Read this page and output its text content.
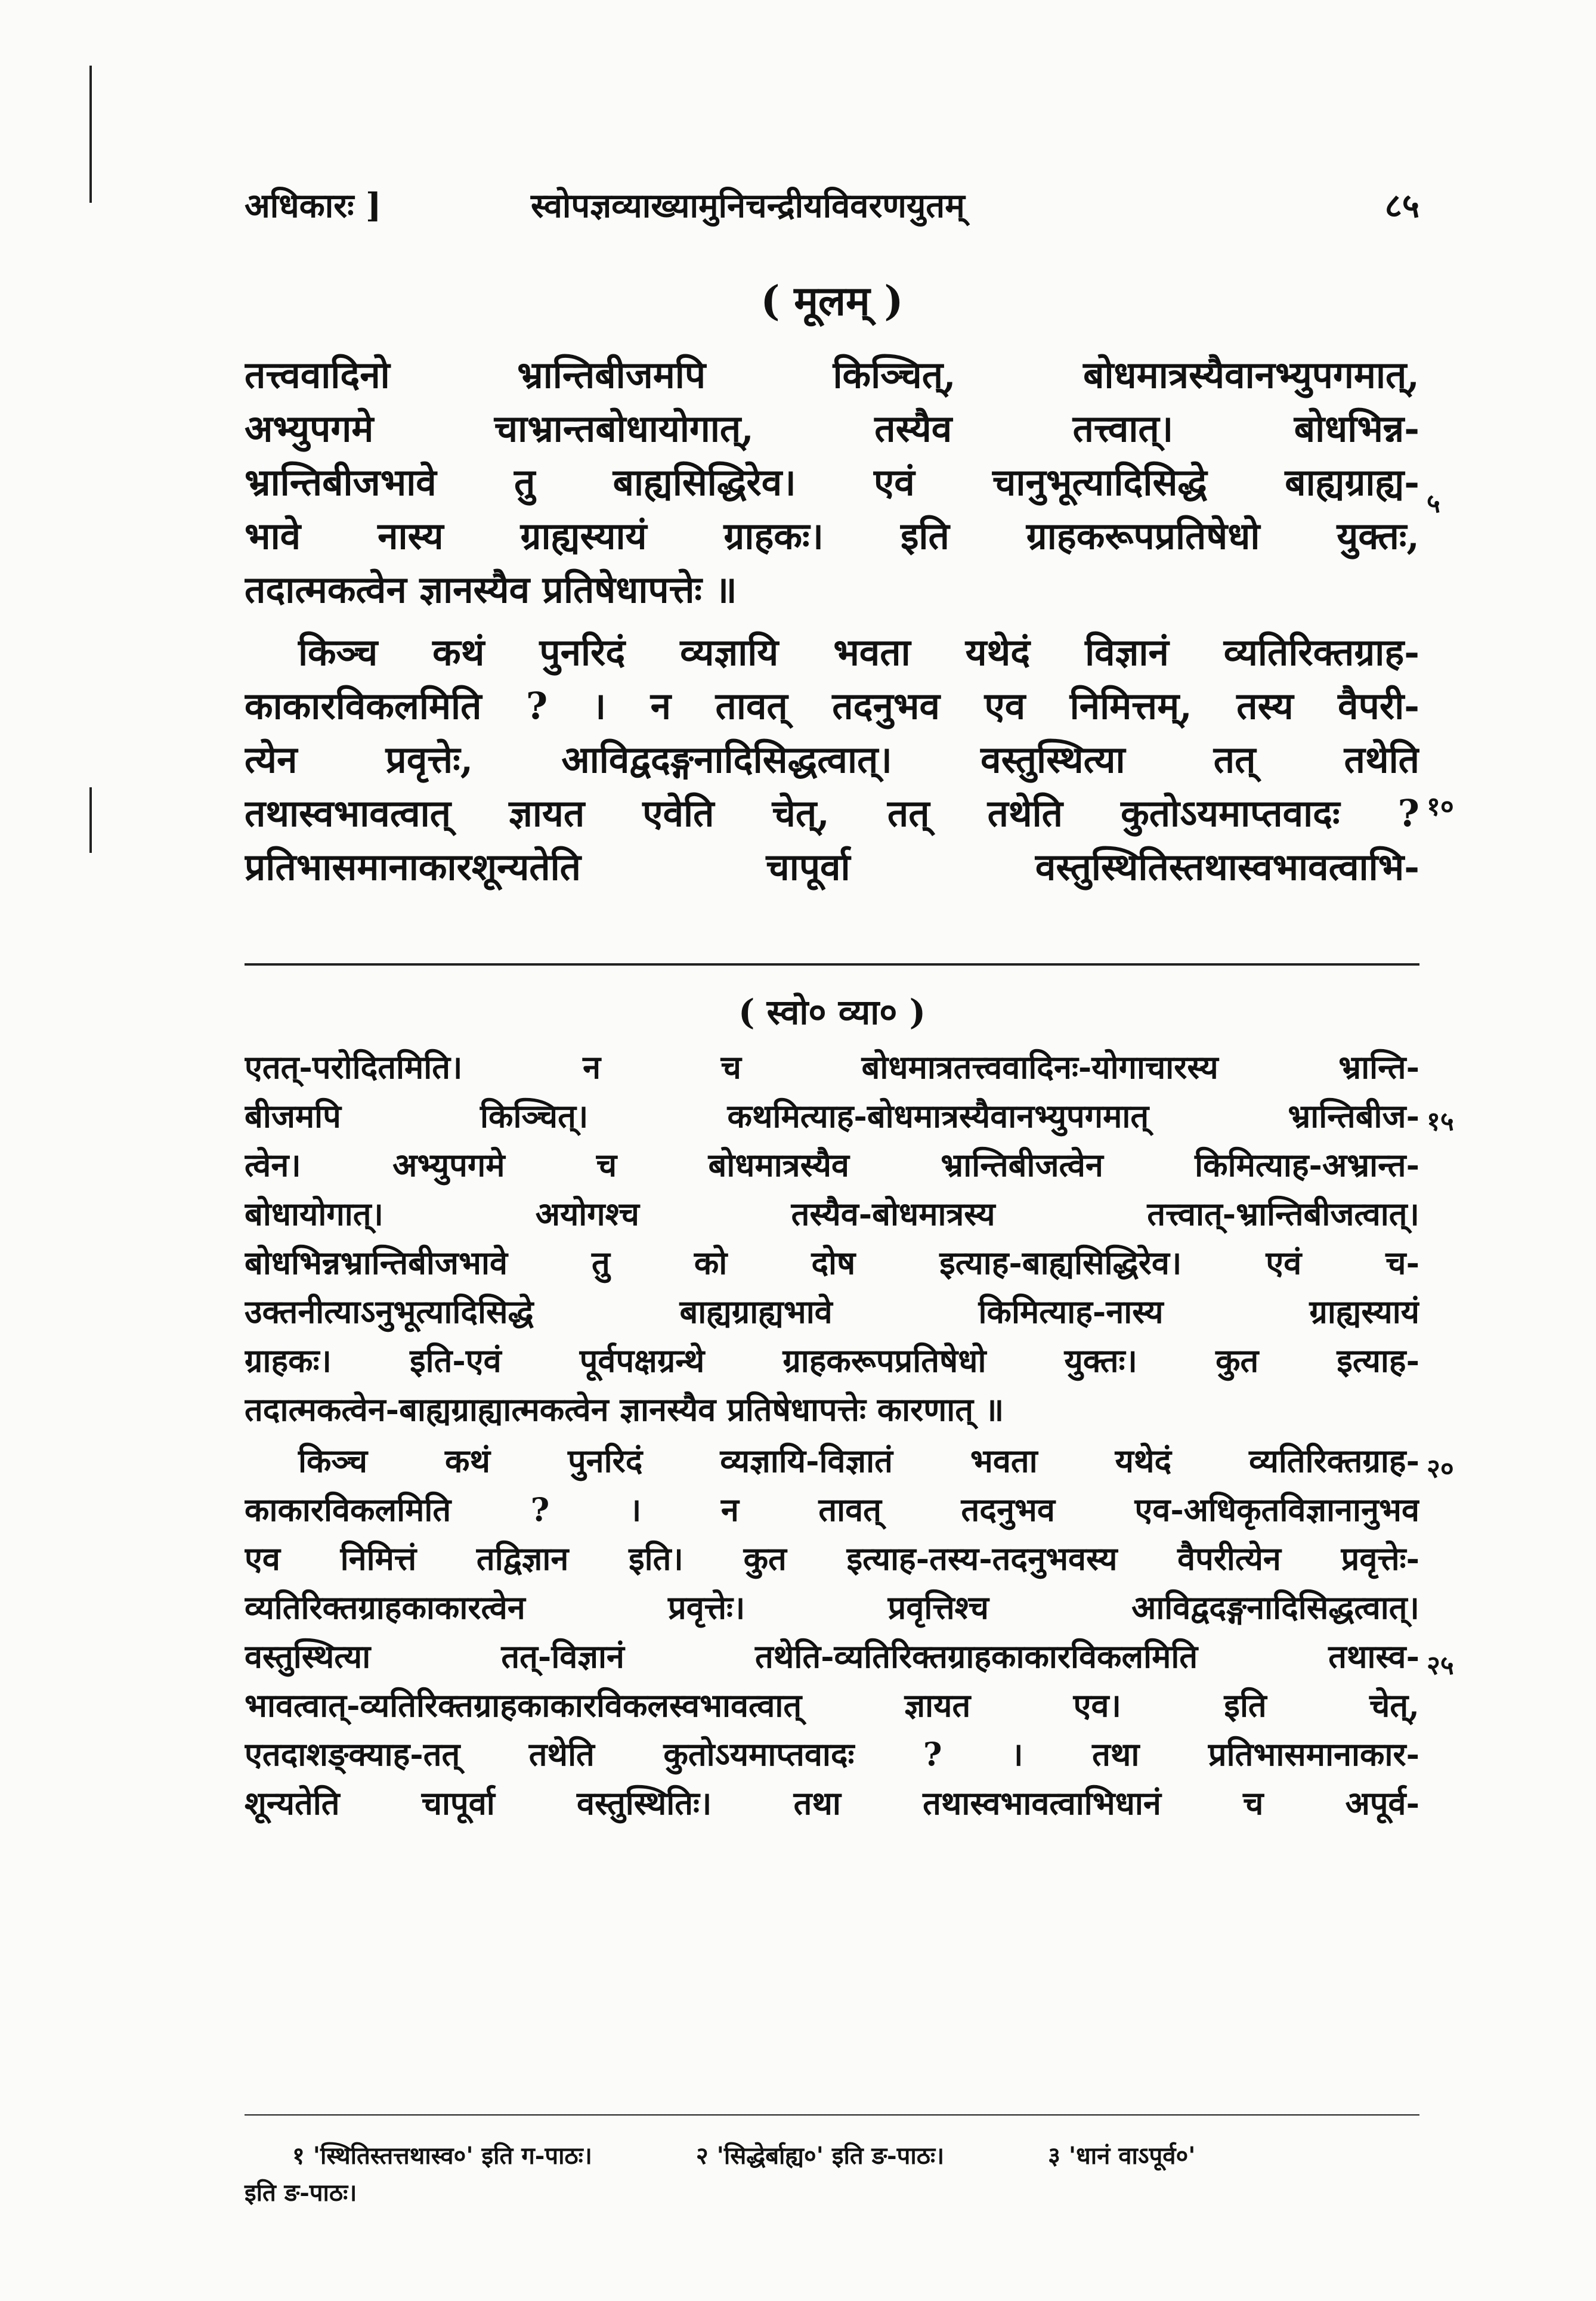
अधिकारः ]	स्वोपज्ञव्याख्यामुनिचन्द्रीयविवरणयुतम्	८५
( मूलम् )
तत्त्ववादिनो भ्रान्तिबीजमपि किञ्चित्, बोधमात्रस्यैवानभ्युपगमात्,
अभ्युपगमे चाभ्रान्तबोधायोगात्, तस्यैव तत्त्वात्। बोधभिन्न-
भ्रान्तिबीजभावे तु बाह्यसिद्धिरेव। एवं चानुभूत्यादिसिद्धे बाह्यग्राह्य-
भावे नास्य ग्राह्यस्यायं ग्राहकः। इति ग्राहकरूपप्रतिषेधो युक्तः,
तदात्मकत्वेन ज्ञानस्यैव प्रतिषेधापत्तेः ॥
किञ्च कथं पुनरिदं व्यज्ञायि भवता यथेदं विज्ञानं व्यतिरिक्तग्राह-
काकारविकलमिति ? । न तावत् तदनुभव एव निमित्तम्, तस्य वैपरी-
त्येन प्रवृत्तेः, आविद्वदङ्गनादिसिद्धत्वात्। वस्तुस्थित्या तत् तथेति
तथास्वभावत्वात् ज्ञायत एवेति चेत्, तत् तथेति कुतोऽयमाप्तवादः ?
प्रतिभासमानाकारशून्यतेति चापूर्वा वस्तुस्थितिस्तथास्वभावत्वाभि-
५
१०
( स्वो० व्या० )
एतत्-परोदितमिति। न च बोधमात्रतत्त्ववादिनः-योगाचारस्य भ्रान्ति-
बीजमपि किञ्चित्। कथमित्याह-बोधमात्रस्यैवानभ्युपगमात् भ्रान्तिबीज-
त्वेन। अभ्युपगमे च बोधमात्रस्यैव भ्रान्तिबीजत्वेन किमित्याह-अभ्रान्त-
बोधायोगात्। अयोगश्च तस्यैव-बोधमात्रस्य तत्त्वात्-भ्रान्तिबीजत्वात्।
बोधभिन्नभ्रान्तिबीजभावे तु को दोष इत्याह-बाह्यसिद्धिरेव। एवं च-
उक्तनीत्याऽनुभूत्यादिसिद्धे बाह्यग्राह्यभावे किमित्याह-नास्य ग्राह्यस्यायं
ग्राहकः। इति-एवं पूर्वपक्षग्रन्थे ग्राहकरूपप्रतिषेधो युक्तः। कुत इत्याह-
तदात्मकत्वेन-बाह्यग्राह्यात्मकत्वेन ज्ञानस्यैव प्रतिषेधापत्तेः कारणात् ॥
किञ्च कथं पुनरिदं व्यज्ञायि-विज्ञातं भवता यथेदं व्यतिरिक्तग्राह-
काकारविकलमिति ? । न तावत् तदनुभव एव-अधिकृतविज्ञानानुभव
एव निमित्तं तद्विज्ञान इति। कुत इत्याह-तस्य-तदनुभवस्य वैपरीत्येन प्रवृत्तेः-
व्यतिरिक्तग्राहकाकारत्वेन प्रवृत्तेः। प्रवृत्तिश्च आविद्वदङ्गनादिसिद्धत्वात्।
वस्तुस्थित्या तत्-विज्ञानं तथेति-व्यतिरिक्तग्राहकाकारविकलमिति तथास्व-
भावत्वात्-व्यतिरिक्तग्राहकाकारविकलस्वभावत्वात् ज्ञायत एव। इति चेत्,
एतदाशङ्क्याह-तत् तथेति कुतोऽयमाप्तवादः ? । तथा प्रतिभासमानाकार-
शून्यतेति चापूर्वा वस्तुस्थितिः। तथा तथास्वभावत्वाभिधानं च अपूर्व-
१५
२०
२५
१ 'स्थितिस्तत्तथास्व०' इति ग-पाठः।	२ 'सिद्धेर्बाह्य०' इति ङ-पाठः।	३ 'धानं वाऽपूर्व०'
इति ङ-पाठः।
